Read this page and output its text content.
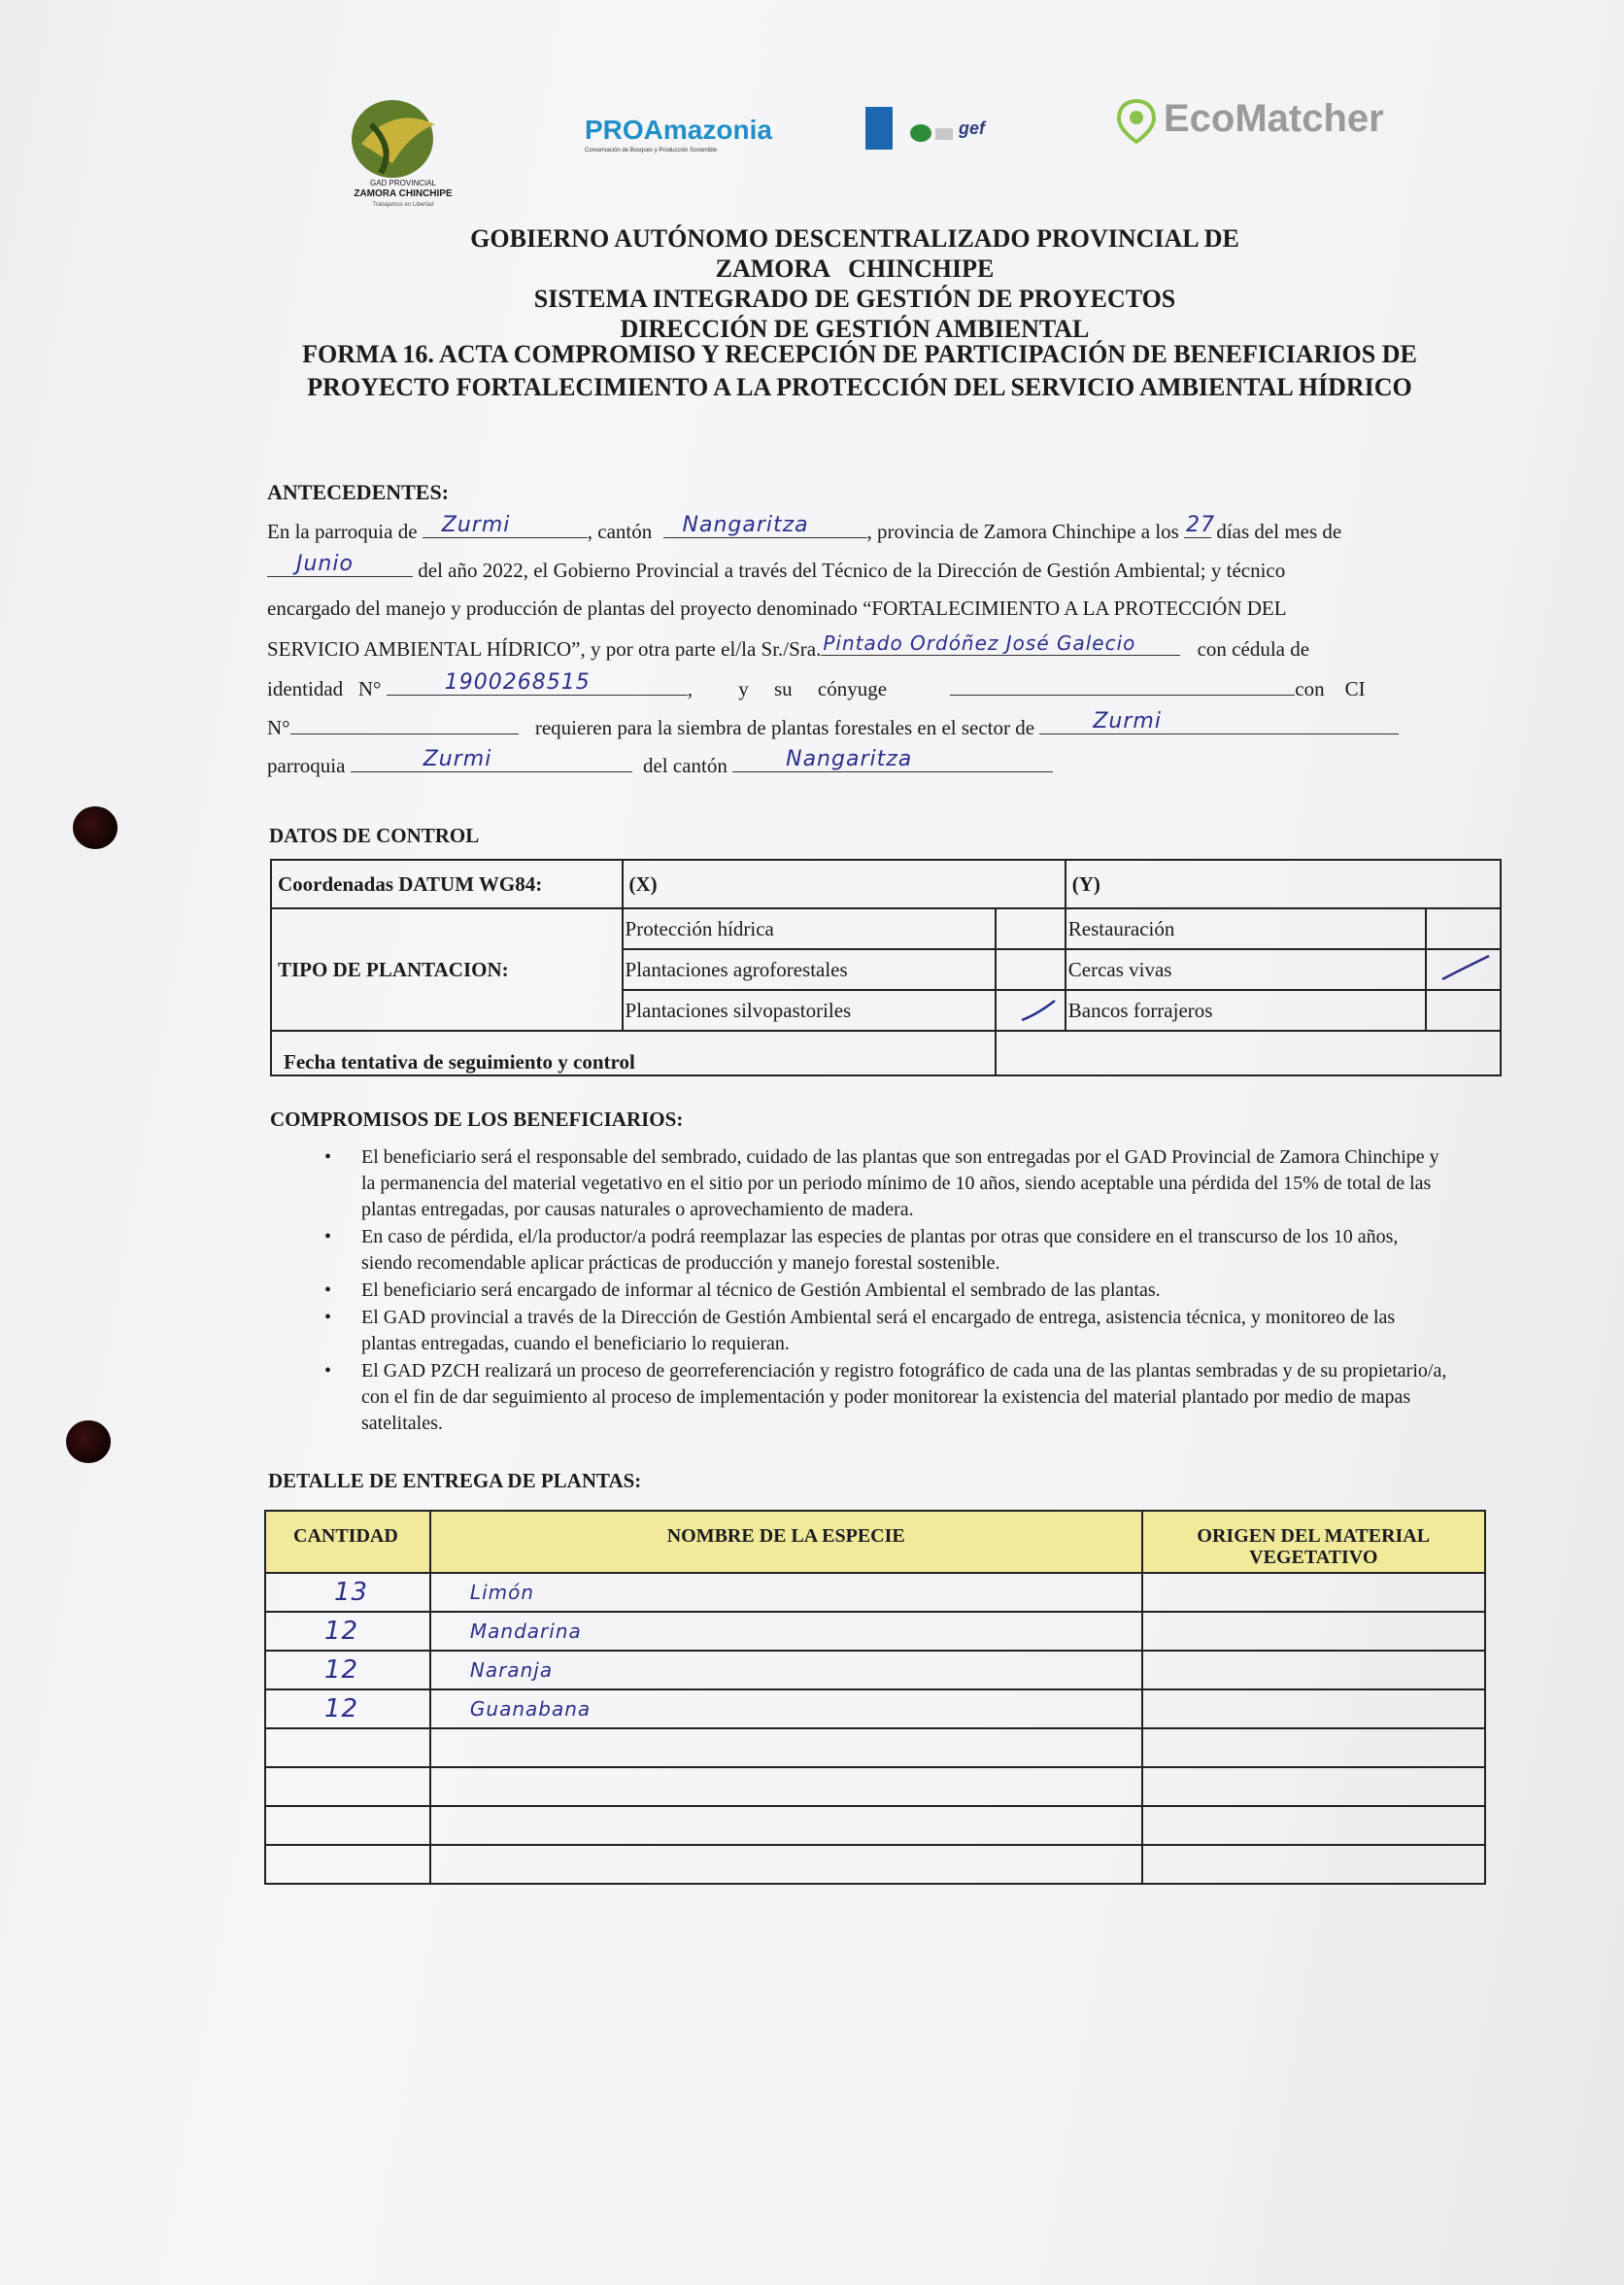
GAD PROVINCIAL
ZAMORA CHINCHIPE
Trabajamos en Libertad
PROAmazonia
Conservación de Bosques y Producción Sostenible
gef	EcoMatcher
GOBIERNO AUTÓNOMO DESCENTRALIZADO PROVINCIAL DE
ZAMORA   CHINCHIPE
SISTEMA INTEGRADO DE GESTIÓN DE PROYECTOS
DIRECCIÓN DE GESTIÓN AMBIENTAL
FORMA 16. ACTA COMPROMISO Y RECEPCIÓN DE PARTICIPACIÓN DE BENEFICIARIOS DE
PROYECTO FORTALECIMIENTO A LA PROTECCIÓN DEL SERVICIO AMBIENTAL HÍDRICO
ANTECEDENTES:
En la parroquia de Zurmi	, cantón Nangaritza	, provincia de Zamora Chinchipe a los 27 días del mes de
Junio	del año 2022, el Gobierno Provincial a través del Técnico de la Dirección de Gestión Ambiental; y técnico
encargado del manejo y producción de plantas del proyecto denominado “FORTALECIMIENTO A LA PROTECCIÓN DEL
SERVICIO AMBIENTAL HÍDRICO”, y por otra parte el/la Sr./Sra. Pintado Ordóñez José Galecio	con cédula de
identidad   N°	1900268515	,         y     su     cónyuge	con    CI
N°	requieren para la siembra de plantas forestales en el sector de	Zurmi
parroquia	Zurmi	del cantón	Nangaritza
DATOS DE CONTROL
Coordenadas DATUM WG84:	(X)		(Y)	
TIPO DE PLANTACION:	Protección hídrica		Restauración	
	Plantaciones agroforestales		Cercas vivas	

	Plantaciones silvopastoriles		Bancos forrajeros	
Fecha tentativa de seguimiento y control				
COMPROMISOS DE LOS BENEFICIARIOS:
• El beneficiario será el responsable del sembrado, cuidado de las plantas que son entregadas por el GAD Provincial de Zamora Chinchipe y la permanencia del material vegetativo en el sitio por un periodo mínimo de 10 años, siendo aceptable una pérdida del 15% de total de las plantas entregadas, por causas naturales o aprovechamiento de madera.
• En caso de pérdida, el/la productor/a podrá reemplazar las especies de plantas por otras que considere en el transcurso de los 10 años, siendo recomendable aplicar prácticas de producción y manejo forestal sostenible.
• El beneficiario será encargado de informar al técnico de Gestión Ambiental el sembrado de las plantas.
• El GAD provincial a través de la Dirección de Gestión Ambiental será el encargado de entrega, asistencia técnica, y monitoreo de las plantas entregadas, cuando el beneficiario lo requieran.
• El GAD PZCH realizará un proceso de georreferenciación y registro fotográfico de cada una de las plantas sembradas y de su propietario/a, con el fin de dar seguimiento al proceso de implementación y poder monitorear la existencia del material plantado por medio de mapas satelitales.
DETALLE DE ENTREGA DE PLANTAS:
CANTIDAD	NOMBRE DE LA ESPECIE	ORIGEN DEL MATERIAL VEGETATIVO
13	Limón	
12	Mandarina	
12	Naranja	
12	Guanabana	
